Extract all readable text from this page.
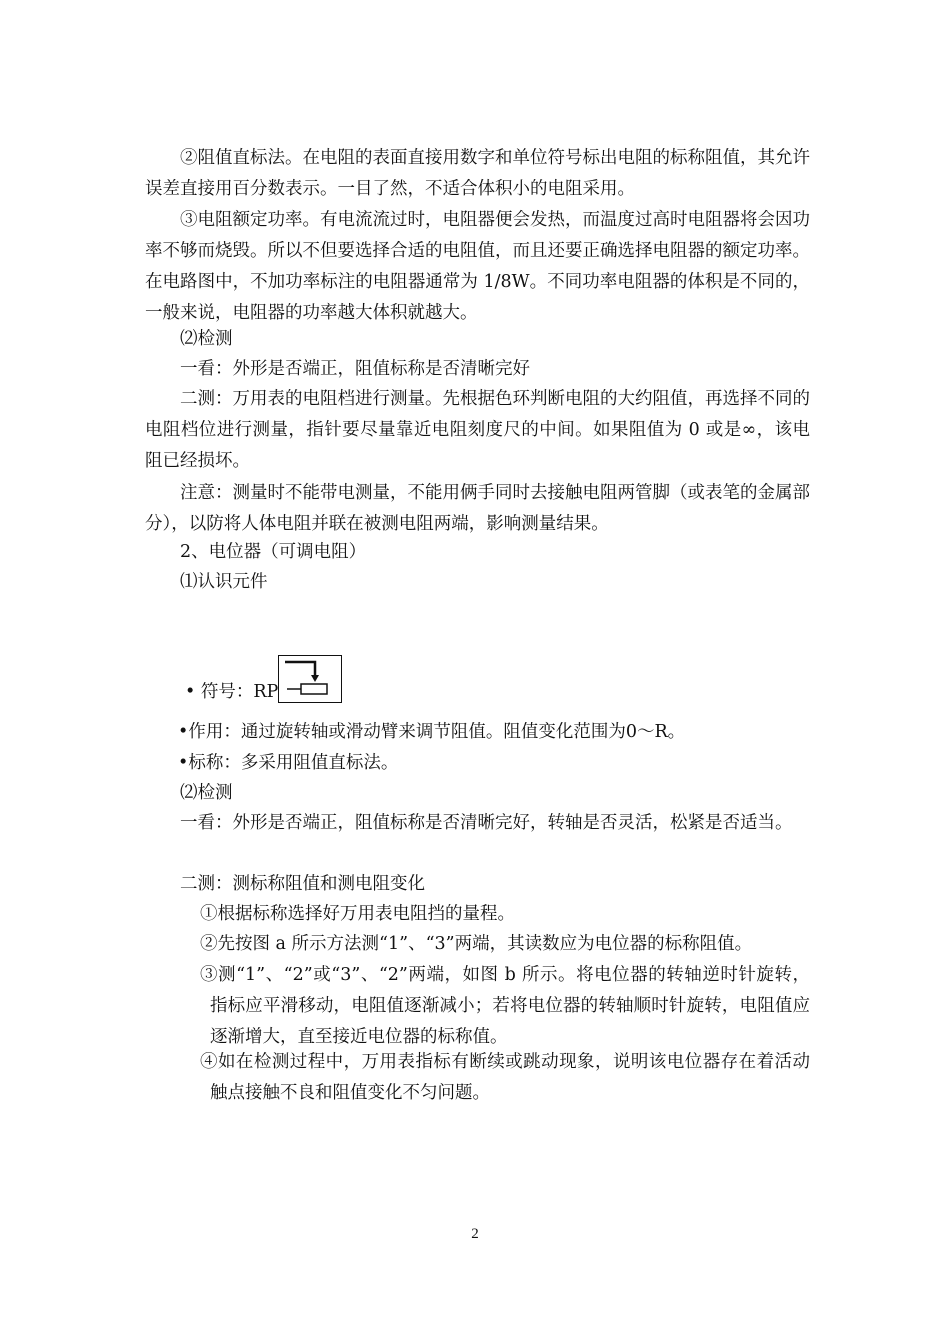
②阻值直标法。在电阻的表面直接用数字和单位符号标出电阻的标称阻值，其允许误差直接用百分数表示。一目了然，不适合体积小的电阻采用。
③电阻额定功率。有电流流过时，电阻器便会发热，而温度过高时电阻器将会因功率不够而烧毁。所以不但要选择合适的电阻值，而且还要正确选择电阻器的额定功率。在电路图中，不加功率标注的电阻器通常为 1/8W。不同功率电阻器的体积是不同的，一般来说，电阻器的功率越大体积就越大。
⑵检测
一看：外形是否端正，阻值标称是否清晰完好
二测：万用表的电阻档进行测量。先根据色环判断电阻的大约阻值，再选择不同的电阻档位进行测量，指针要尽量靠近电阻刻度尺的中间。如果阻值为 0 或是∞，该电阻已经损坏。
注意：测量时不能带电测量，不能用俩手同时去接触电阻两管脚（或表笔的金属部分），以防将人体电阻并联在被测电阻两端，影响测量结果。
2、电位器（可调电阻）
⑴认识元件
• 符号：RP
•作用：通过旋转轴或滑动臂来调节阻值。阻值变化范围为0～R。
•标称：多采用阻值直标法。
⑵检测
一看：外形是否端正，阻值标称是否清晰完好，转轴是否灵活，松紧是否适当。
二测：测标称阻值和测电阻变化
①根据标称选择好万用表电阻挡的量程。
②先按图 a 所示方法测“1”、“3”两端，其读数应为电位器的标称阻值。
③测“1”、“2”或“3”、“2”两端，如图 b 所示。将电位器的转轴逆时针旋转，指标应平滑移动，电阻值逐渐减小；若将电位器的转轴顺时针旋转，电阻值应逐渐增大，直至接近电位器的标称值。
④如在检测过程中，万用表指标有断续或跳动现象，说明该电位器存在着活动触点接触不良和阻值变化不匀问题。
2
